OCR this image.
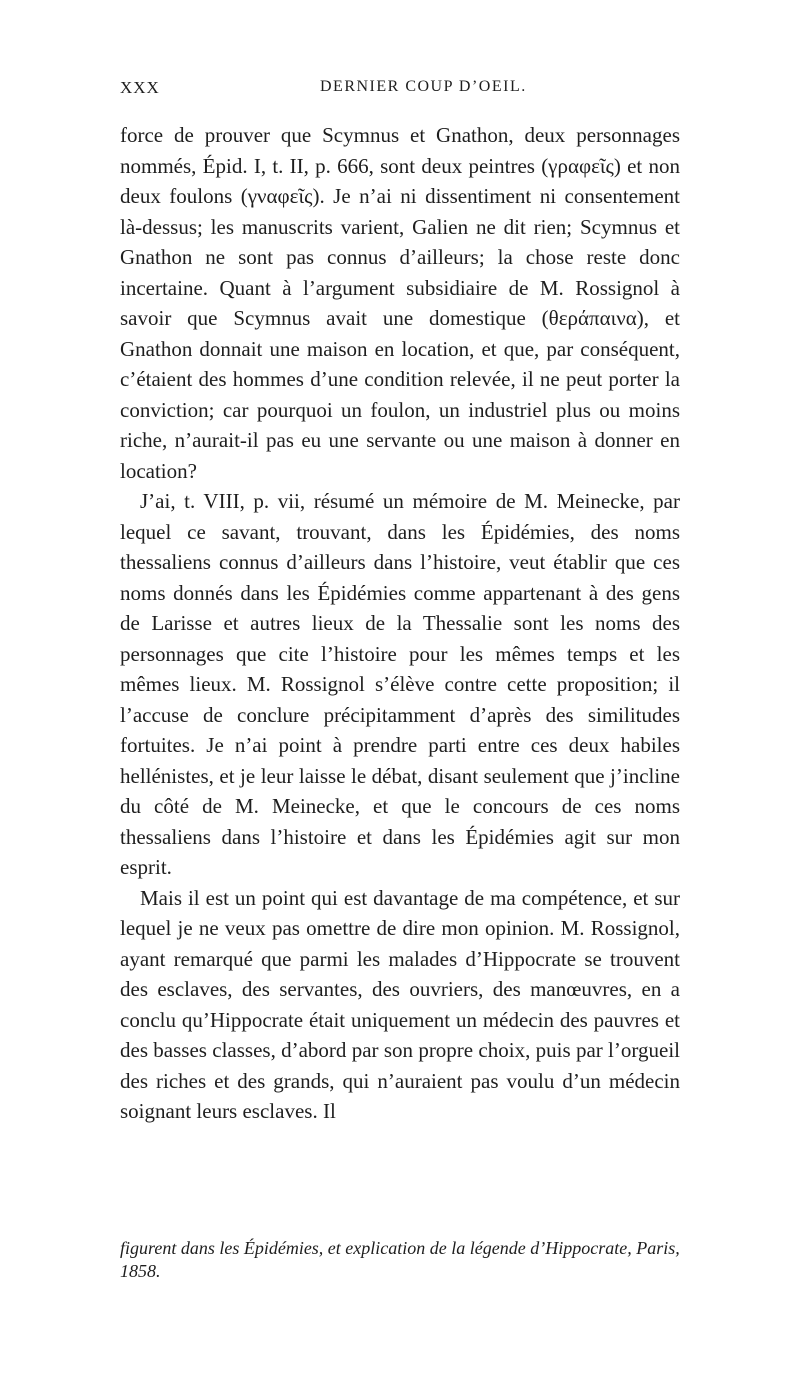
XXX	DERNIER COUP D’OEIL.

force de prouver que Scymnus et Gnathon, deux personnages nommés, Épid. I, t. II, p. 666, sont deux peintres (γραφεῖς) et non deux foulons (γναφεῖς). Je n’ai ni dissentiment ni consentement là-dessus; les manuscrits varient, Galien ne dit rien; Scymnus et Gnathon ne sont pas connus d’ailleurs; la chose reste donc incertaine. Quant à l’argument subsidiaire de M. Rossignol à savoir que Scymnus avait une domestique (θεράπαινα), et Gnathon donnait une maison en location, et que, par conséquent, c’étaient des hommes d’une condition relevée, il ne peut porter la conviction; car pourquoi un foulon, un industriel plus ou moins riche, n’aurait-il pas eu une servante ou une maison à donner en location?

J’ai, t. VIII, p. vii, résumé un mémoire de M. Meinecke, par lequel ce savant, trouvant, dans les Épidémies, des noms thessaliens connus d’ailleurs dans l’histoire, veut établir que ces noms donnés dans les Épidémies comme appartenant à des gens de Larisse et autres lieux de la Thessalie sont les noms des personnages que cite l’histoire pour les mêmes temps et les mêmes lieux. M. Rossignol s’élève contre cette proposition; il l’accuse de conclure précipitamment d’après des similitudes fortuites. Je n’ai point à prendre parti entre ces deux habiles hellénistes, et je leur laisse le débat, disant seulement que j’incline du côté de M. Meinecke, et que le concours de ces noms thessaliens dans l’histoire et dans les Épidémies agit sur mon esprit.

Mais il est un point qui est davantage de ma compétence, et sur lequel je ne veux pas omettre de dire mon opinion. M. Rossignol, ayant remarqué que parmi les malades d’Hippocrate se trouvent des esclaves, des servantes, des ouvriers, des manœuvres, en a conclu qu’Hippocrate était uniquement un médecin des pauvres et des basses classes, d’abord par son propre choix, puis par l’orgueil des riches et des grands, qui n’auraient pas voulu d’un médecin soignant leurs esclaves. Il

figurent dans les Épidémies, et explication de la légende d’Hippocrate, Paris, 1858.
